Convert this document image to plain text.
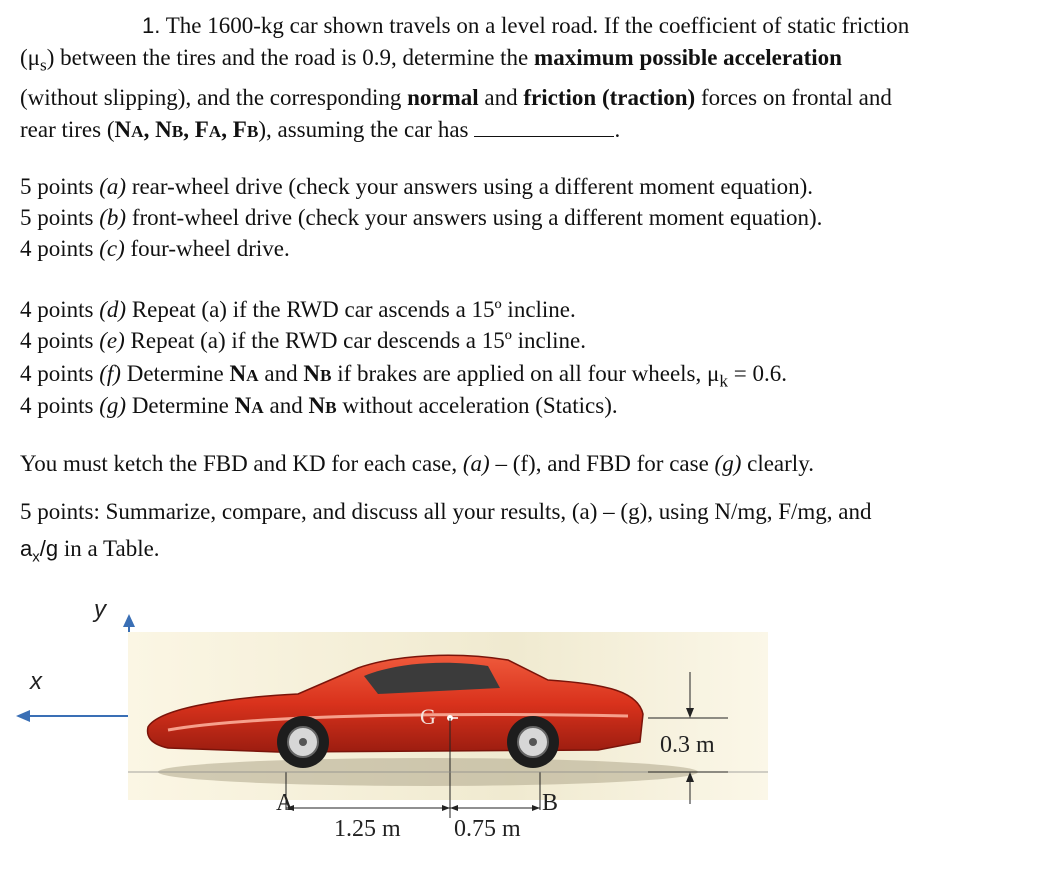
1. The 1600-kg car shown travels on a level road. If the coefficient of static friction
$(\mu_s)$ between the tires and the road is 0.9, determine the maximum possible acceleration
(without slipping), and the corresponding normal and friction (traction) forces on frontal and
rear tires (NA, NB, FA, FB), assuming the car has	.
5 points (a) rear-wheel drive (check your answers using a different moment equation).
5 points (b) front-wheel drive (check your answers using a different moment equation).
4 points (c) four-wheel drive.
4 points (d) Repeat (a) if the RWD car ascends a 15º incline.
4 points (e) Repeat (a) if the RWD car descends a 15º incline.
4 points (f) Determine NA and NB if brakes are applied on all four wheels, $\mu_k = 0.6$.
4 points (g) Determine NA and NB without acceleration (Statics).
You must ketch the FBD and KD for each case, (a) – (f), and FBD for case (g) clearly.
5 points: Summarize, compare, and discuss all your results, (a) – (g), using N/mg, F/mg, and
$a_x/g$ in a Table.
y
x
G
A	B
1.25 m 0.75 m
0.3 m
